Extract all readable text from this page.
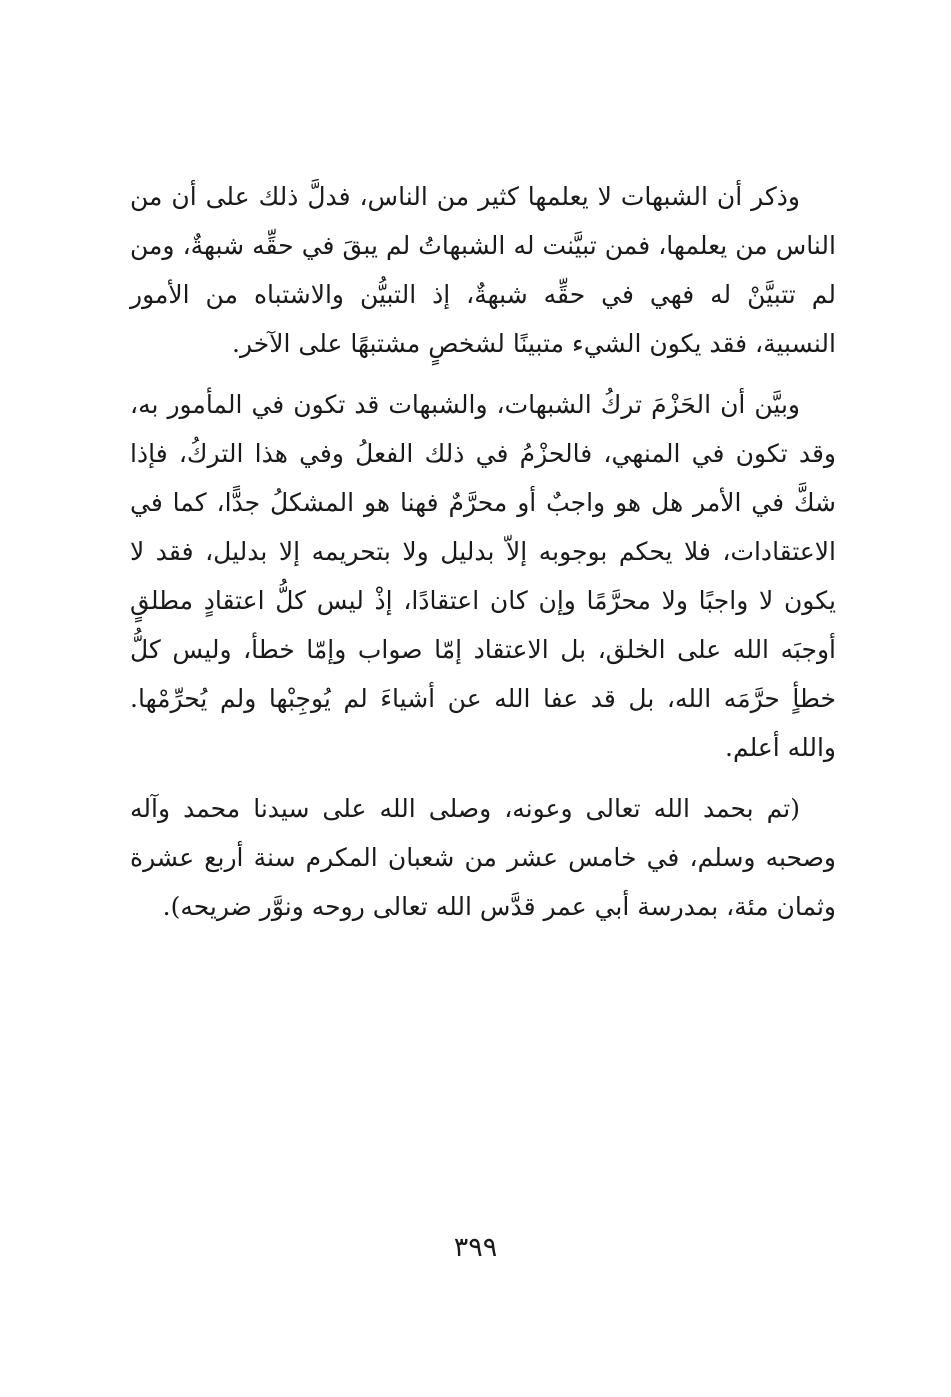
وذكر أن الشبهات لا يعلمها كثير من الناس، فدلَّ ذلك على أن من الناس من يعلمها، فمن تبيَّنت له الشبهاتُ لم يبقَ في حقِّه شبهةٌ، ومن لم تتبيَّنْ له فهي في حقِّه شبهةٌ، إذ التبيُّن والاشتباه من الأمور النسبية، فقد يكون الشيء متبينًا لشخصٍ مشتبهًا على الآخر.

وبيَّن أن الحَزْمَ تركُ الشبهات، والشبهات قد تكون في المأمور به، وقد تكون في المنهي، فالحزْمُ في ذلك الفعلُ وفي هذا التركُ، فإذا شكَّ في الأمر هل هو واجبٌ أو محرَّمٌ فهنا هو المشكلُ جدًّا، كما في الاعتقادات، فلا يحكم بوجوبه إلاّ بدليل ولا بتحريمه إلا بدليل، فقد لا يكون لا واجبًا ولا محرَّمًا وإن كان اعتقادًا، إذْ ليس كلُّ اعتقادٍ مطلقٍ أوجبَه الله على الخلق، بل الاعتقاد إمّا صواب وإمّا خطأ، وليس كلُّ خطأٍ حرَّمَه الله، بل قد عفا الله عن أشياءَ لم يُوجِبْها ولم يُحرِّمْها. والله أعلم.

(تم بحمد الله تعالى وعونه، وصلى الله على سيدنا محمد وآله وصحبه وسلم، في خامس عشر من شعبان المكرم سنة أربع عشرة وثمان مئة، بمدرسة أبي عمر قدَّس الله تعالى روحه ونوَّر ضريحه).

٣٩٩
